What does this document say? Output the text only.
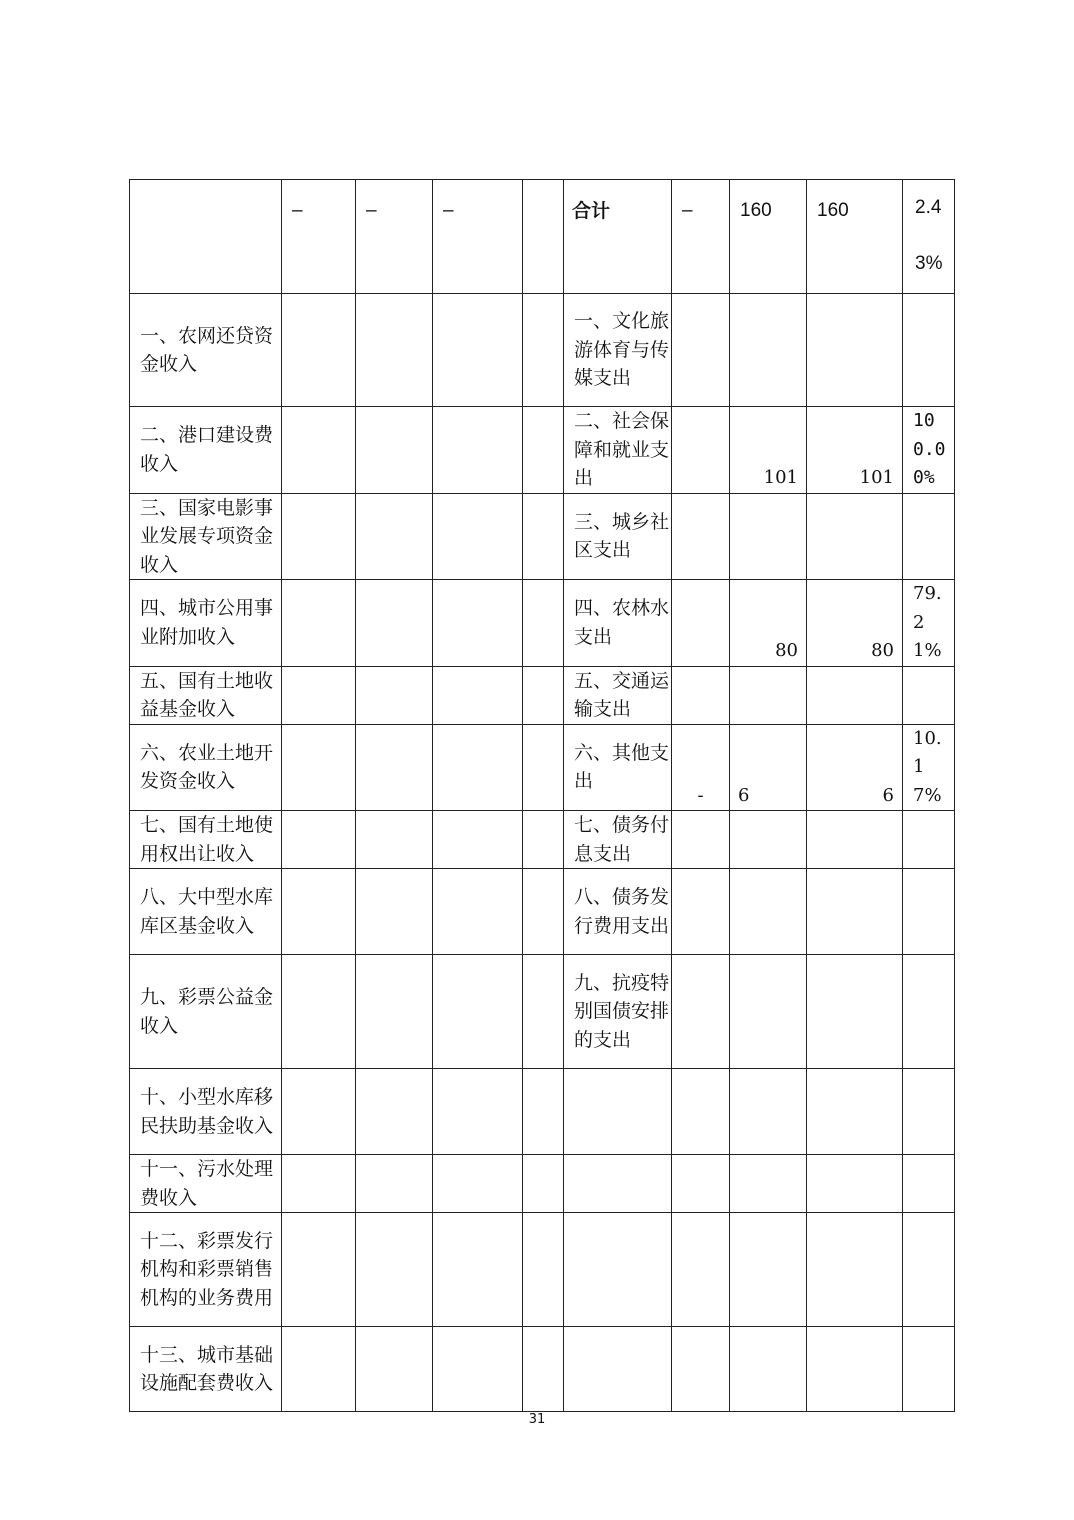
	–	–	–		合计	–	160	160	2.43%
一、农网还贷资金收入					一、文化旅游体育与传媒支出				
二、港口建设费收入					二、社会保障和就业支出		101	101	100.00%
三、国家电影事业发展专项资金收入					三、城乡社区支出				
四、城市公用事业附加收入					四、农林水支出		80	80	79.21%
五、国有土地收益基金收入					五、交通运输支出				
六、农业土地开发资金收入					六、其他支出	-	6	6	10.17%
七、国有土地使用权出让收入					七、债务付息支出				
八、大中型水库库区基金收入					八、债务发行费用支出				
九、彩票公益金收入					九、抗疫特别国债安排的支出				
十、小型水库移民扶助基金收入									
十一、污水处理费收入									
十二、彩票发行机构和彩票销售机构的业务费用									
十三、城市基础设施配套费收入									
31
